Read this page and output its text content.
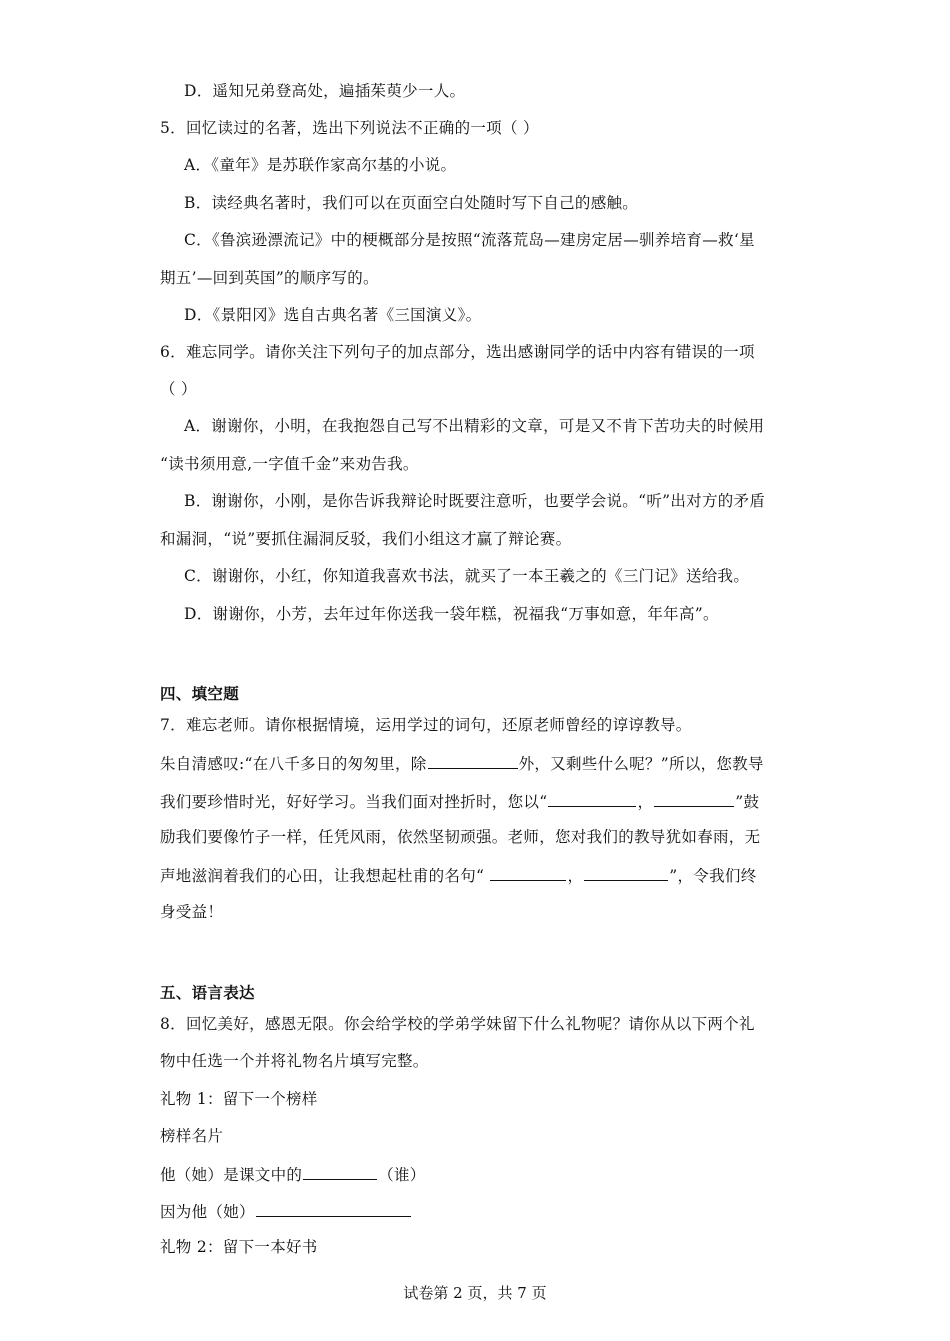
D．遥知兄弟登高处，遍插茱萸少一人。
5．回忆读过的名著，选出下列说法不正确的一项（ ）
A．《童年》是苏联作家高尔基的小说。
B．读经典名著时，我们可以在页面空白处随时写下自己的感触。
C．《鲁滨逊漂流记》中的梗概部分是按照“流落荒岛—建房定居—驯养培育—救‘星
期五’—回到英国”的顺序写的。
D．《景阳冈》选自古典名著《三国演义》。
6．难忘同学。请你关注下列句子的加点部分，选出感谢同学的话中内容有错误的一项
（ ）
A．谢谢你，小明，在我抱怨自己写不出精彩的文章，可是又不肯下苦功夫的时候用
“读书须用意,一字值千金”来劝告我。
B．谢谢你，小刚，是你告诉我辩论时既要注意听，也要学会说。“听”出对方的矛盾
和漏洞，“说”要抓住漏洞反驳，我们小组这才赢了辩论赛。
C．谢谢你，小红，你知道我喜欢书法，就买了一本王羲之的《三门记》送给我。
D．谢谢你，小芳，去年过年你送我一袋年糕，祝福我“万事如意，年年高”。
四、填空题
7．难忘老师。请你根据情境，运用学过的词句，还原老师曾经的谆谆教导。
朱自清感叹:“在八千多日的匆匆里，除	外，又剩些什么呢？”所以，您教导
我们要珍惜时光，好好学习。当我们面对挫折时，您以“	，	”鼓
励我们要像竹子一样，任凭风雨，依然坚韧顽强。老师，您对我们的教导犹如春雨，无
声地滋润着我们的心田，让我想起杜甫的名句“	，	”，令我们终
身受益！
五、语言表达
8．回忆美好，感恩无限。你会给学校的学弟学妹留下什么礼物呢？请你从以下两个礼
物中任选一个并将礼物名片填写完整。
礼物 1：留下一个榜样
榜样名片
他（她）是课文中的	（谁）
因为他（她）
礼物 2：留下一本好书
试卷第 2 页，共 7 页
